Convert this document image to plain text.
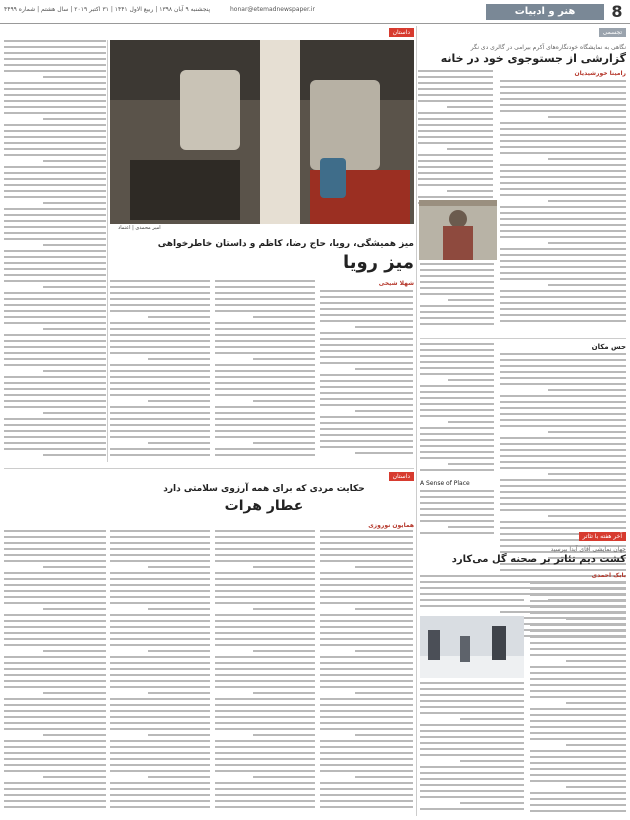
8
هنر و ادبیات
honar@etemadnewspaper.ir
پنجشنبه ۹ آبان ۱۳۹۸ | ربیع الاول ۱۴۴۱ | ۳۱ اکتبر ۲۰۱۹ | سال هشتم | شماره ۴۴۹۹
تجسمی
نگاهی به نمایشگاه خودنگاره‌های آکرم بیرامی در گالری دی نگر
گزارشی از جستوجوی خود در خانه
رامینا خورشیدیان
حس مکان
A Sense of Place
آخر هفته با تئاتر
جهان نمایشی آقای آیدا بپرسید
کشت دیم تئاتر بر صحنه گل می‌کارد
بابک احمدی
داستان
امیر محمدی | اعتماد
میز همیشگی، رویا، حاج رضا، کاظم و داستان خاطرخواهی
میز رویا
شهلا شیخی
داستان
حکایت مردی که برای همه آرزوی سلامتی دارد
عطار هرات
همایون نوروزی
